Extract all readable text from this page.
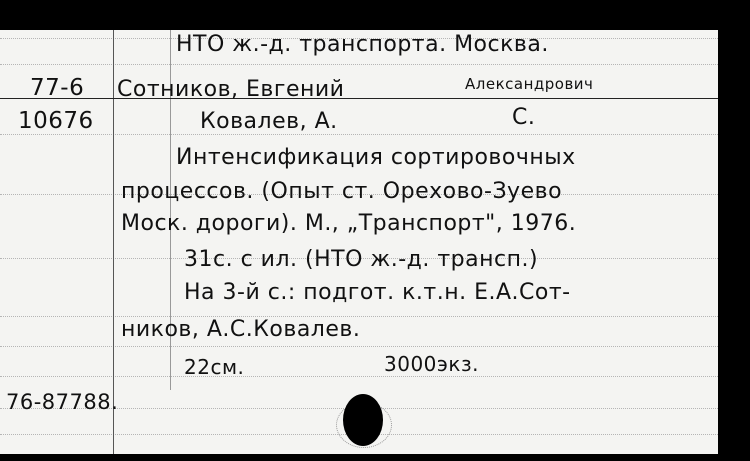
НТО ж.-д. транспорта. Москва.
77-6 Сотников, Евгений	Александрович
10676	Ковалев, А.	С.
Интенсификация сортировочных
процессов. (Опыт ст. Орехово-Зуево
Моск. дороги). М., „Транспорт", 1976.
31с. с ил. (НТО ж.-д. трансп.)
На 3-й с.: подгот. к.т.н. Е.А.Сот-
ников, А.С.Ковалев.
22см.	3000экз.
76-87788.
